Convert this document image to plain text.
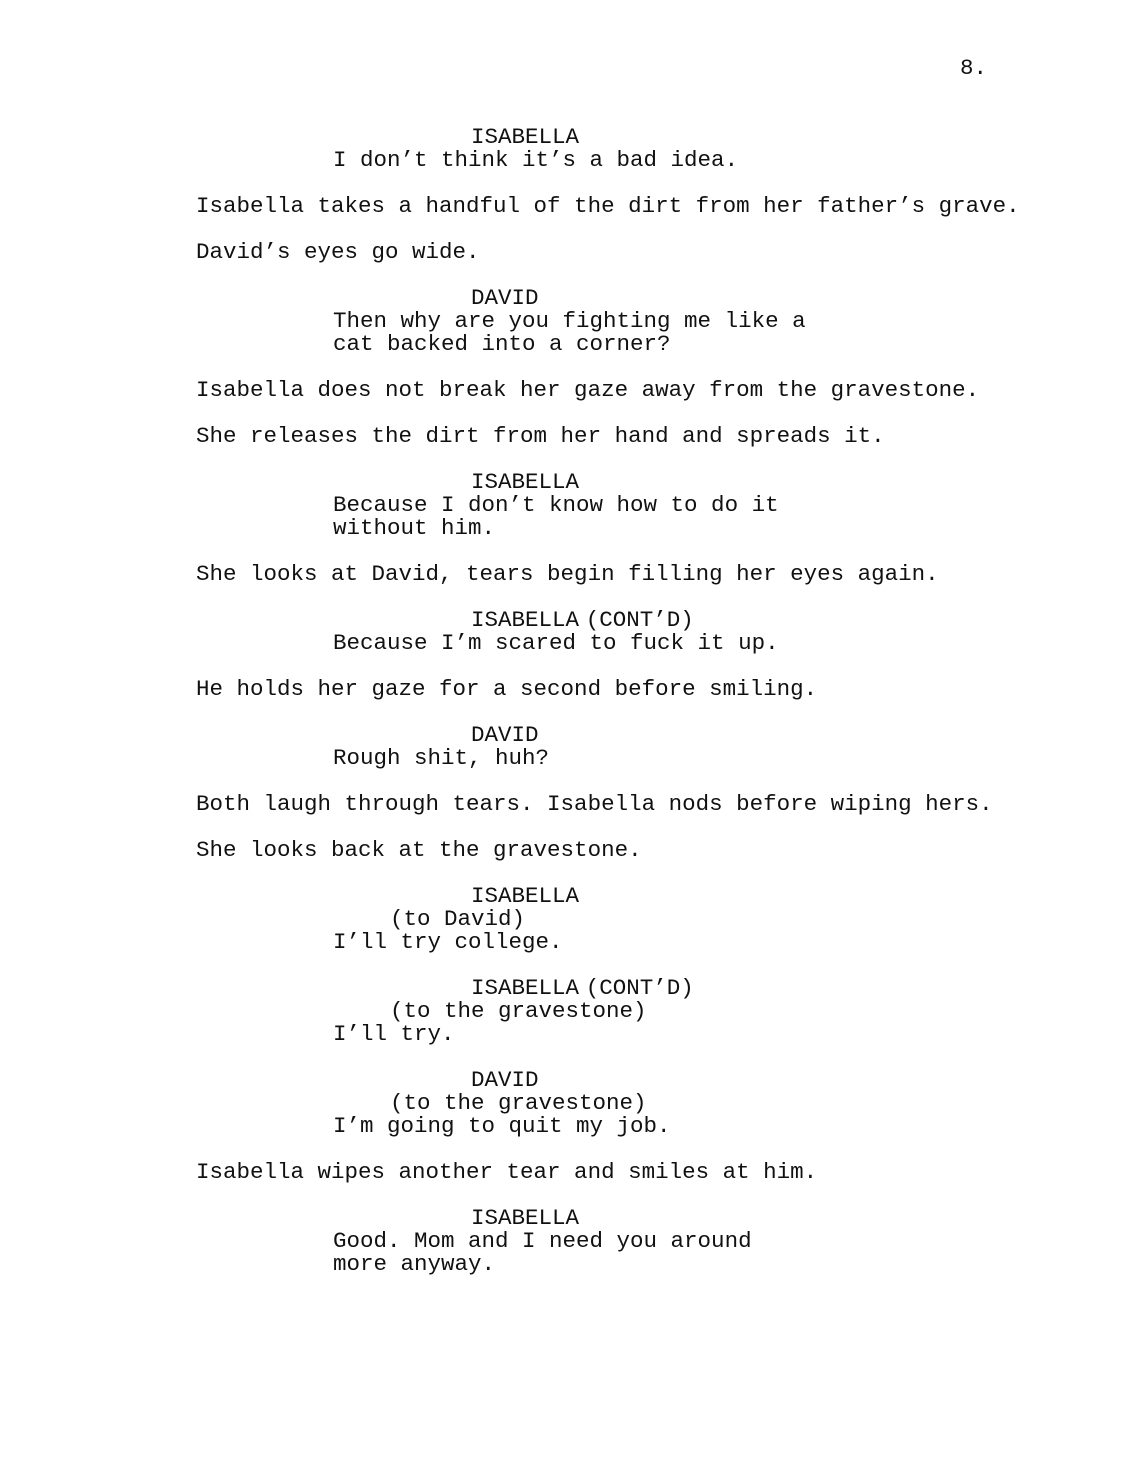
8.
ISABELLA
I don’t think it’s a bad idea.
Isabella takes a handful of the dirt from her father’s grave.
David’s eyes go wide.
DAVID
Then why are you fighting me like a
cat backed into a corner?
Isabella does not break her gaze away from the gravestone.
She releases the dirt from her hand and spreads it.
ISABELLA
Because I don’t know how to do it
without him.
She looks at David, tears begin filling her eyes again.
ISABELLA (CONT’D)
Because I’m scared to fuck it up.
He holds her gaze for a second before smiling.
DAVID
Rough shit, huh?
Both laugh through tears. Isabella nods before wiping hers.
She looks back at the gravestone.
ISABELLA
(to David)
I’ll try college.
ISABELLA (CONT’D)
(to the gravestone)
I’ll try.
DAVID
(to the gravestone)
I’m going to quit my job.
Isabella wipes another tear and smiles at him.
ISABELLA
Good. Mom and I need you around
more anyway.
